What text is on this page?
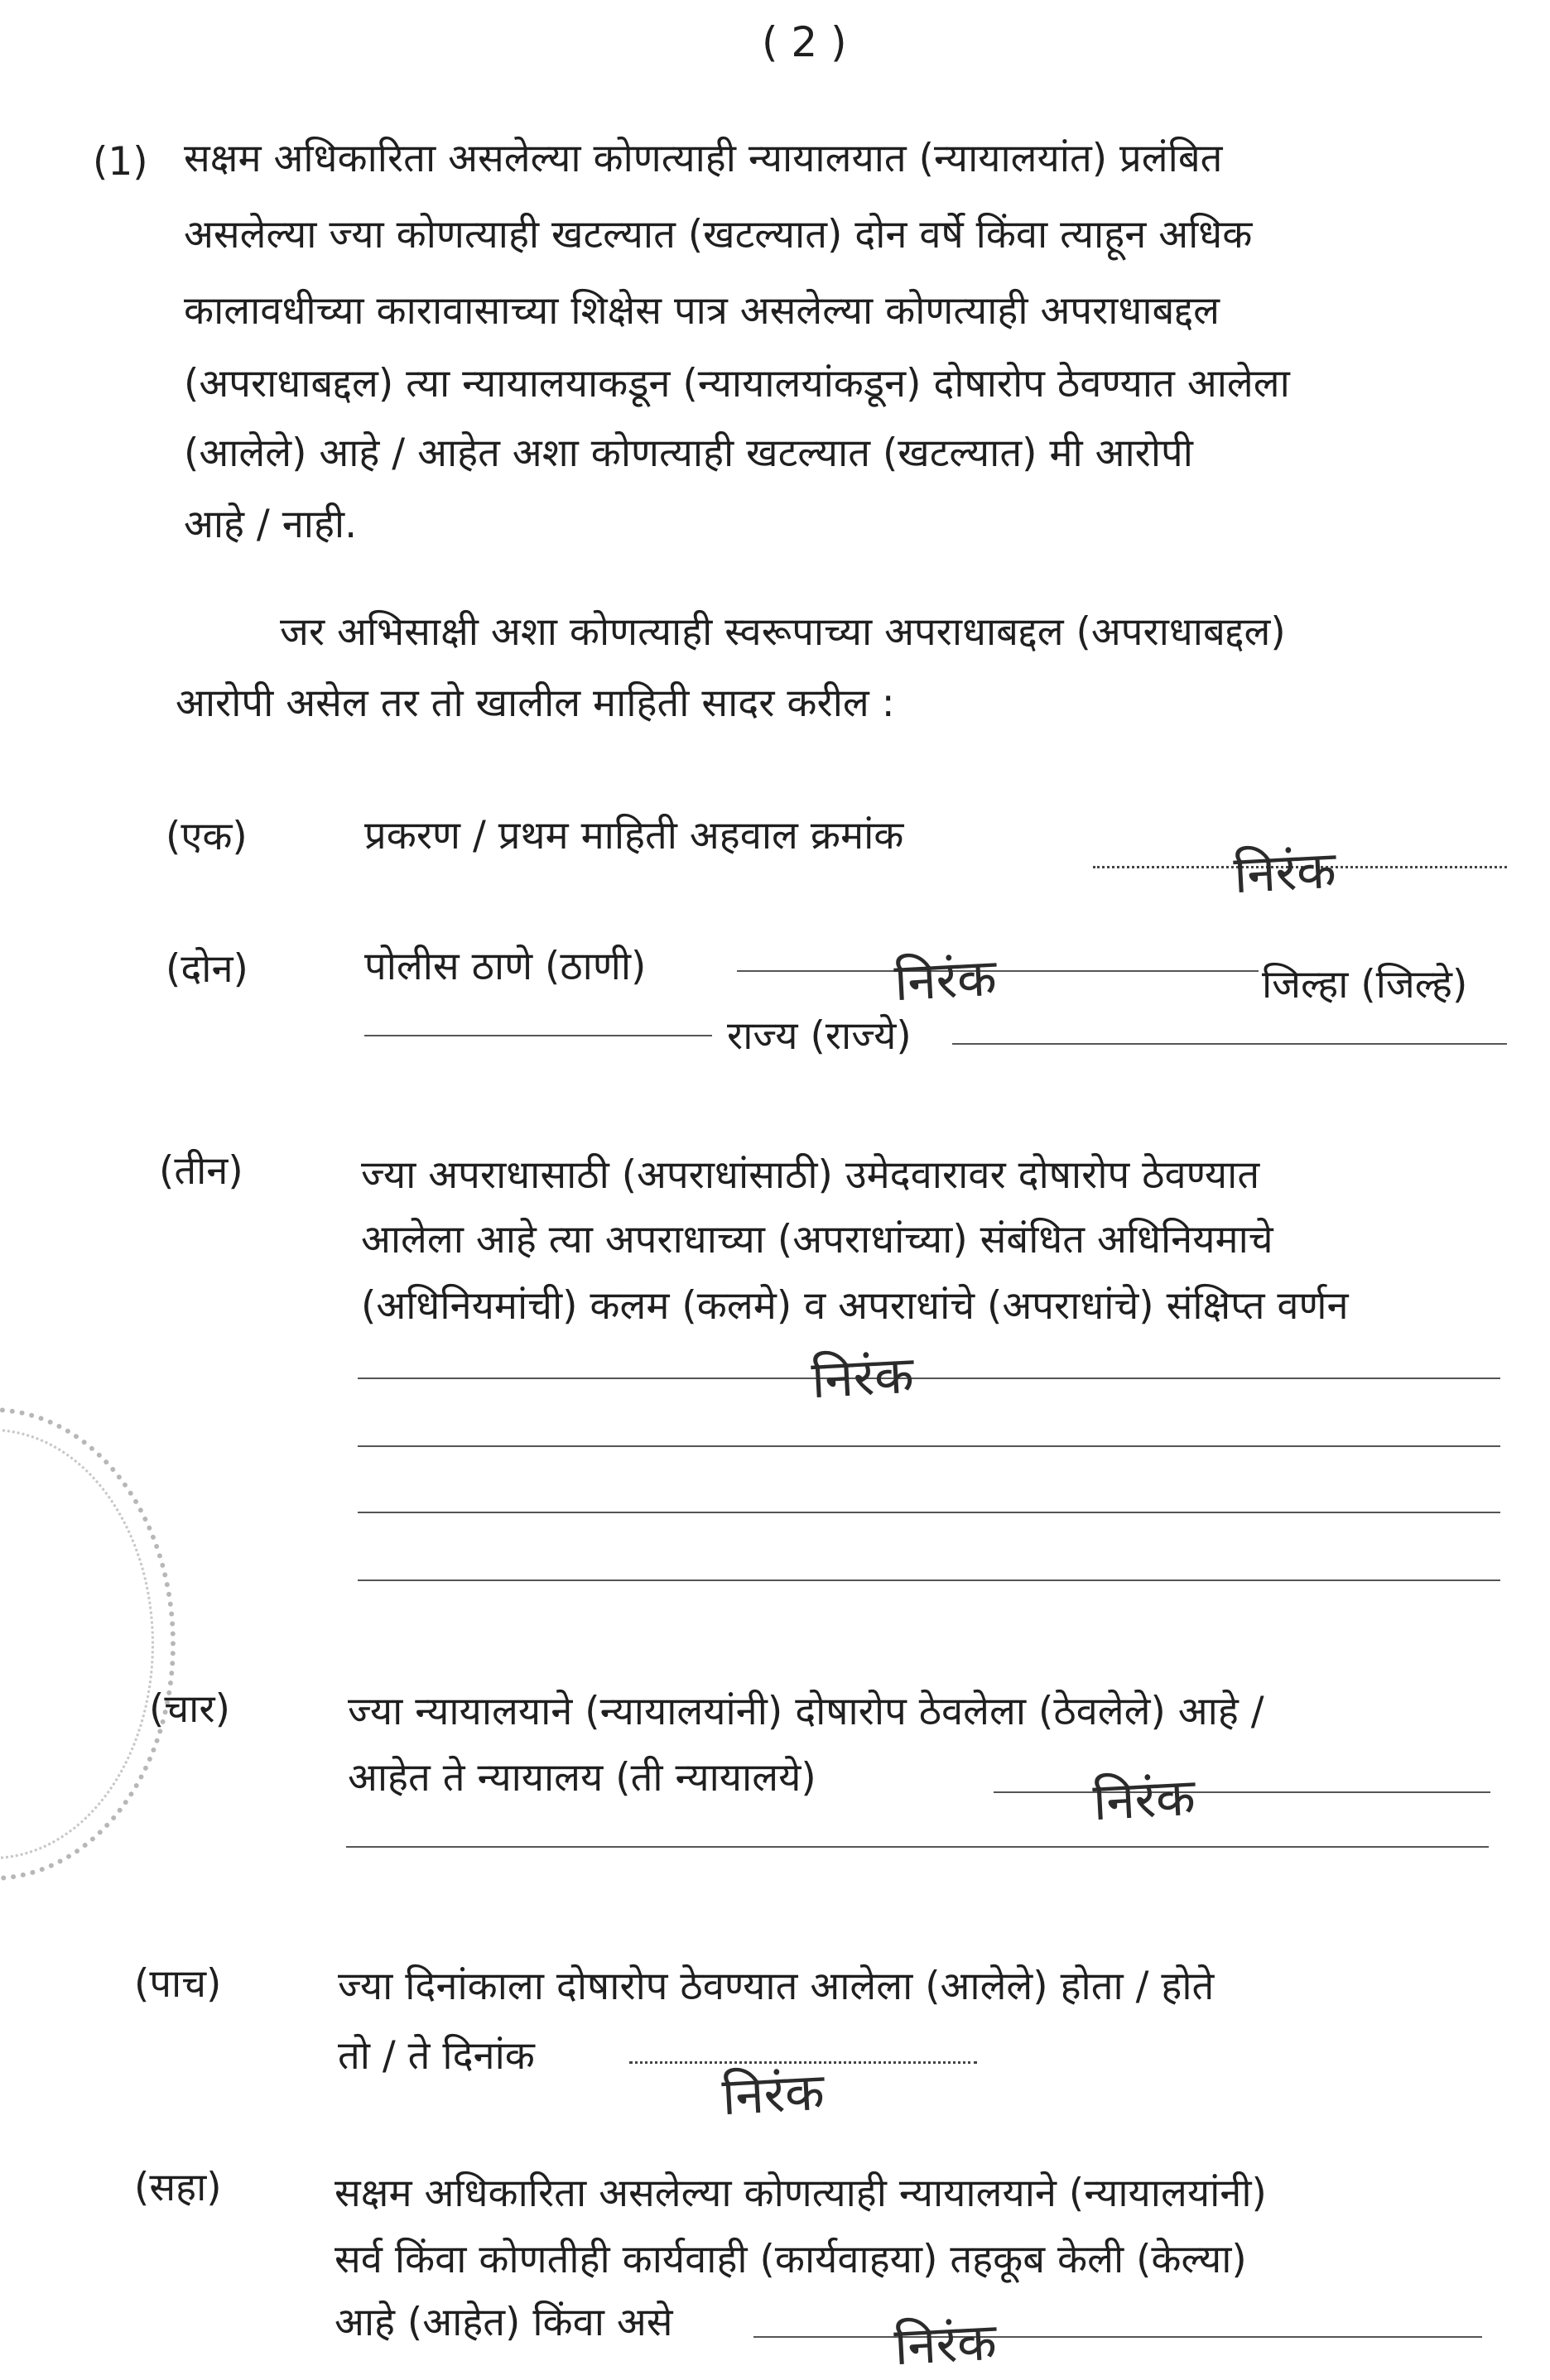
( 2 )
(1) सक्षम अधिकारिता असलेल्या कोणत्याही न्यायालयात (न्यायालयांत) प्रलंबित
असलेल्या ज्या कोणत्याही खटल्यात (खटल्यात) दोन वर्षे किंवा त्याहून अधिक
कालावधीच्या कारावासाच्या शिक्षेस पात्र असलेल्या कोणत्याही अपराधाबद्दल
(अपराधाबद्दल) त्या न्यायालयाकडून (न्यायालयांकडून) दोषारोप ठेवण्यात आलेला
(आलेले) आहे / आहेत अशा कोणत्याही खटल्यात (खटल्यात) मी आरोपी
आहे / नाही.
जर अभिसाक्षी अशा कोणत्याही स्वरूपाच्या अपराधाबद्दल (अपराधाबद्दल)
आरोपी असेल तर तो खालील माहिती सादर करील :
(एक)	प्रकरण / प्रथम माहिती अहवाल क्रमांक
निरंक
(दोन)	पोलीस ठाणे (ठाणी)	निरंक	जिल्हा (जिल्हे)
राज्य (राज्ये)
(तीन)	ज्या अपराधासाठी (अपराधांसाठी) उमेदवारावर दोषारोप ठेवण्यात
आलेला आहे त्या अपराधाच्या (अपराधांच्या) संबंधित अधिनियमाचे
(अधिनियमांची) कलम (कलमे) व अपराधांचे (अपराधांचे) संक्षिप्त वर्णन
निरंक
(चार)	ज्या न्यायालयाने (न्यायालयांनी) दोषारोप ठेवलेला (ठेवलेले) आहे /
आहेत ते न्यायालय (ती न्यायालये)	निरंक
(पाच)	ज्या दिनांकाला दोषारोप ठेवण्यात आलेला (आलेले) होता / होते
तो / ते दिनांक
निरंक
(सहा)	सक्षम अधिकारिता असलेल्या कोणत्याही न्यायालयाने (न्यायालयांनी)
सर्व किंवा कोणतीही कार्यवाही (कार्यवाहया) तहकूब केली (केल्या)
आहे (आहेत) किंवा असे	निरंक
